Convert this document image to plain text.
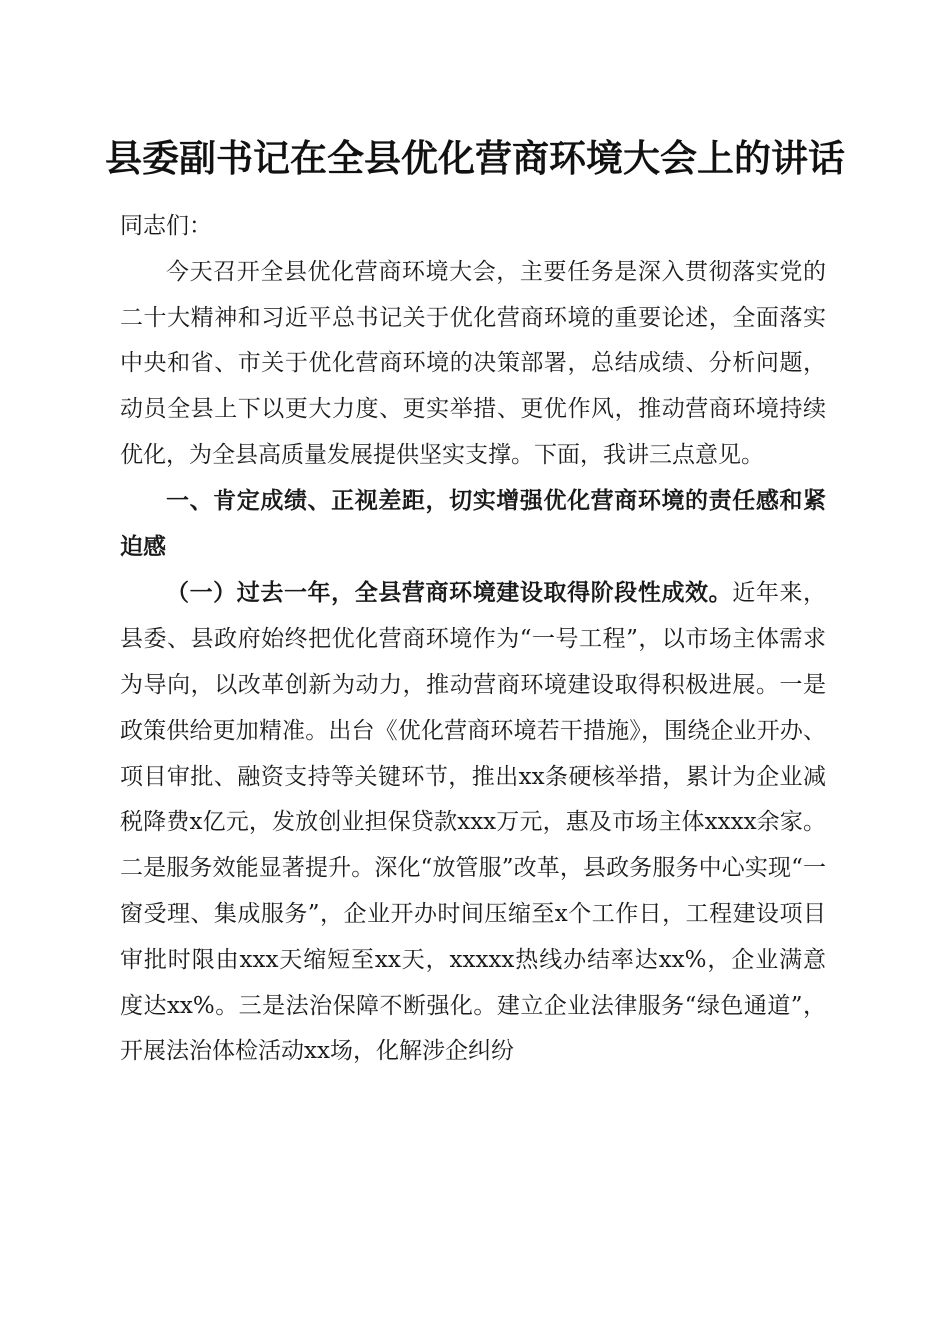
县委副书记在全县优化营商环境大会上的讲话

同志们：

今天召开全县优化营商环境大会，主要任务是深入贯彻落实党的二十大精神和习近平总书记关于优化营商环境的重要论述，全面落实中央和省、市关于优化营商环境的决策部署，总结成绩、分析问题，动员全县上下以更大力度、更实举措、更优作风，推动营商环境持续优化，为全县高质量发展提供坚实支撑。下面，我讲三点意见。

一、肯定成绩、正视差距，切实增强优化营商环境的责任感和紧迫感

（一）过去一年，全县营商环境建设取得阶段性成效。近年来，县委、县政府始终把优化营商环境作为“一号工程”，以市场主体需求为导向，以改革创新为动力，推动营商环境建设取得积极进展。一是政策供给更加精准。出台《优化营商环境若干措施》，围绕企业开办、项目审批、融资支持等关键环节，推出xx条硬核举措，累计为企业减税降费x亿元，发放创业担保贷款xxx万元，惠及市场主体xxxx余家。二是服务效能显著提升。深化“放管服”改革，县政务服务中心实现“一窗受理、集成服务”，企业开办时间压缩至x个工作日，工程建设项目审批时限由xxx天缩短至xx天，xxxxx热线办结率达xx%，企业满意度达xx%。三是法治保障不断强化。建立企业法律服务“绿色通道”，开展法治体检活动xx场，化解涉企纠纷
